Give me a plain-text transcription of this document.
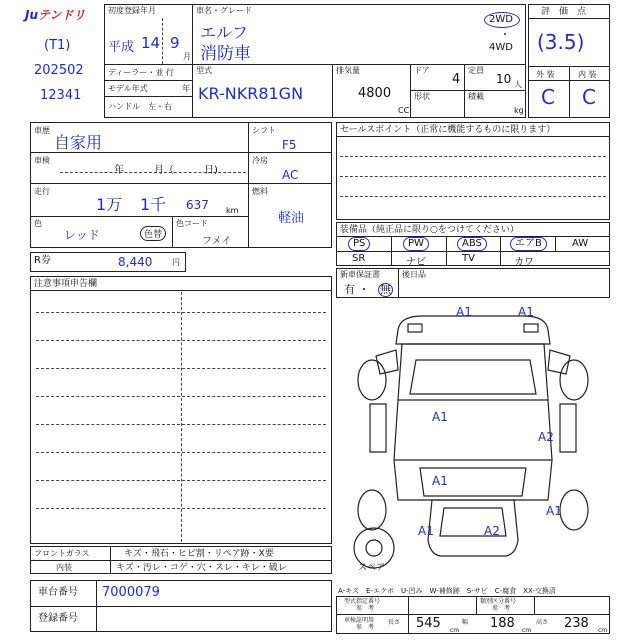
Juテンドリ
(T1)
202502
12341
初度登録年月
平成 14 9
月
ディーラー・並 行
モデル年式	年
ハンドル　左・右
車名・グレード
エルフ
消防車
2WD
・
4WD
型式
KR-NKR81GN
排気量
4800
CC
ドア
4
定員
10 人
形状	積載
kg
評　価　点
(3.5)
外 装	内 装
C C
車歴
自家用
車検
年　　　月（　　　日)
走行
1万 1千 637 km
色
レッド	色替
色コード
フメイ
シフト
F5
冷房
AC
燃料
軽油
R券	8,440 円
セールスポイント（正常に機能するものに限ります）
装備品（純正品に限り○をつけてください）
PS	PW	ABS	エアB	AW
SR	ナビ	TV	カワ
新車保証書
有 ・ 無
後日品
注意事項申告欄
フロントガラス
内装
キズ・飛石・ヒビ割・リペア跡・X要
キズ・汚レ・コゲ・穴・スレ・キレ・破レ
車台番号 7000079
登録番号
A1	A1
A1
A2
A1
A1	A2
A1
スペア
A-キズ　E-エクボ　U-凹み　W-補修跡　S-サビ　C-腐食　XX-交換済
型式指定番号
参　考
類別区分番号
参　考
車検証明用
参　考
長さ 545 cm
幅 188 cm
高さ 238 cm
